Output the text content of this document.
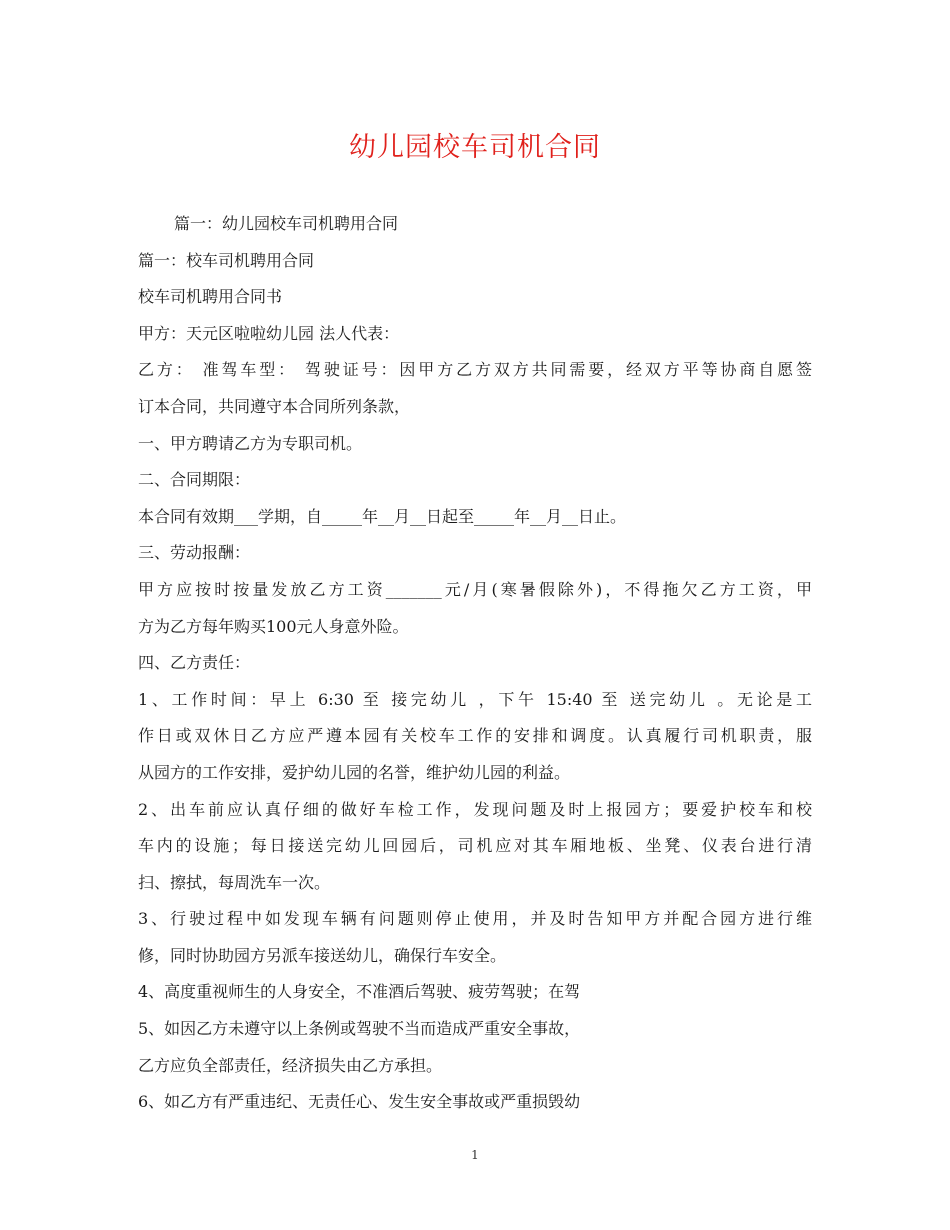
幼儿园校车司机合同
篇一：幼儿园校车司机聘用合同
篇一：校车司机聘用合同
校车司机聘用合同书
甲方：天元区啦啦幼儿园 法人代表：
乙方： 准驾车型： 驾驶证号：因甲方乙方双方共同需要，经双方平等协商自愿签
订本合同，共同遵守本合同所列条款，
一、甲方聘请乙方为专职司机。
二、合同期限：
本合同有效期___学期，自_____年__月__日起至_____年__月__日止。
三、劳动报酬：
甲方应按时按量发放乙方工资_______元/月(寒暑假除外)，不得拖欠乙方工资，甲
方为乙方每年购买100元人身意外险。
四、乙方责任：
1、工作时间：早上 6:30 至 接完幼儿 ，下午 15:40 至 送完幼儿 。无论是工
作日或双休日乙方应严遵本园有关校车工作的安排和调度。认真履行司机职责，服
从园方的工作安排，爱护幼儿园的名誉，维护幼儿园的利益。
2、出车前应认真仔细的做好车检工作，发现问题及时上报园方；要爱护校车和校
车内的设施；每日接送完幼儿回园后，司机应对其车厢地板、坐凳、仪表台进行清
扫、擦拭，每周洗车一次。
3、行驶过程中如发现车辆有问题则停止使用，并及时告知甲方并配合园方进行维
修，同时协助园方另派车接送幼儿，确保行车安全。
4、高度重视师生的人身安全，不准酒后驾驶、疲劳驾驶；在驾
5、如因乙方未遵守以上条例或驾驶不当而造成严重安全事故，
乙方应负全部责任，经济损失由乙方承担。
6、如乙方有严重违纪、无责任心、发生安全事故或严重损毁幼
1
